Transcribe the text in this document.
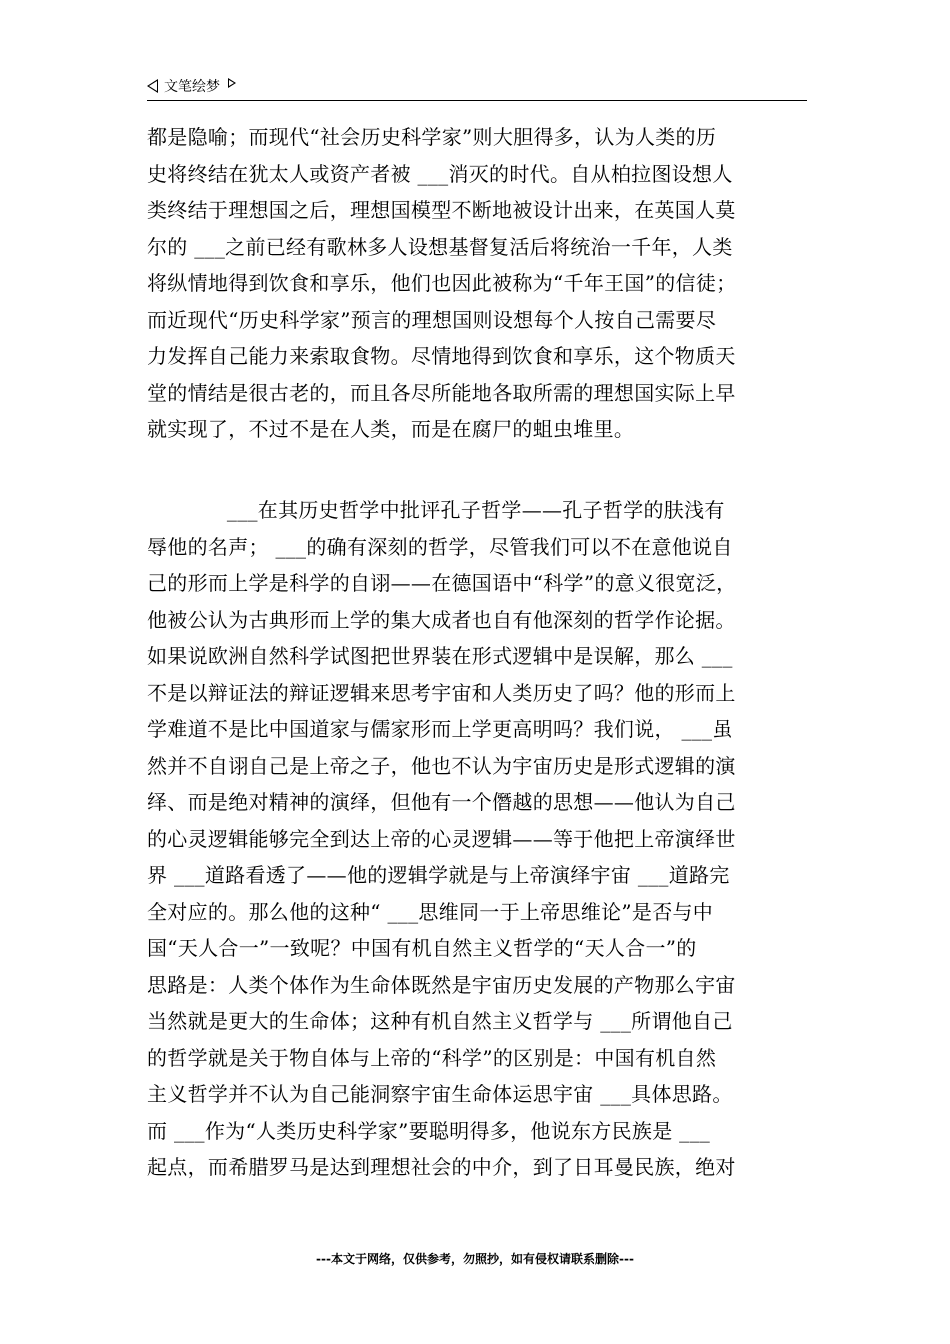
文笔绘梦
都是隐喻；而现代“社会历史科学家”则大胆得多，认为人类的历
史将终结在犹太人或资产者被 ___消灭的时代。自从柏拉图设想人
类终结于理想国之后，理想国模型不断地被设计出来，在英国人莫
尔的 ___之前已经有歌林多人设想基督复活后将统治一千年，人类
将纵情地得到饮食和享乐，他们也因此被称为“千年王国”的信徒；
而近现代“历史科学家”预言的理想国则设想每个人按自己需要尽
力发挥自己能力来索取食物。尽情地得到饮食和享乐，这个物质天
堂的情结是很古老的，而且各尽所能地各取所需的理想国实际上早
就实现了，不过不是在人类，而是在腐尸的蛆虫堆里。
___在其历史哲学中批评孔子哲学——孔子哲学的肤浅有
辱他的名声； ___的确有深刻的哲学，尽管我们可以不在意他说自
己的形而上学是科学的自诩——在德国语中“科学”的意义很宽泛，
他被公认为古典形而上学的集大成者也自有他深刻的哲学作论据。
如果说欧洲自然科学试图把世界装在形式逻辑中是误解，那么 ___
不是以辩证法的辩证逻辑来思考宇宙和人类历史了吗？他的形而上
学难道不是比中国道家与儒家形而上学更高明吗？我们说， ___虽
然并不自诩自己是上帝之子，他也不认为宇宙历史是形式逻辑的演
绎、而是绝对精神的演绎，但他有一个僭越的思想——他认为自己
的心灵逻辑能够完全到达上帝的心灵逻辑——等于他把上帝演绎世
界 ___道路看透了——他的逻辑学就是与上帝演绎宇宙 ___道路完
全对应的。那么他的这种“ ___思维同一于上帝思维论”是否与中
国“天人合一”一致呢？中国有机自然主义哲学的“天人合一”的
思路是：人类个体作为生命体既然是宇宙历史发展的产物那么宇宙
当然就是更大的生命体；这种有机自然主义哲学与 ___所谓他自己
的哲学就是关于物自体与上帝的“科学”的区别是：中国有机自然
主义哲学并不认为自己能洞察宇宙生命体运思宇宙 ___具体思路。
而 ___作为“人类历史科学家”要聪明得多，他说东方民族是 ___
起点，而希腊罗马是达到理想社会的中介，到了日耳曼民族，绝对
---本文于网络，仅供参考，勿照抄，如有侵权请联系删除---
